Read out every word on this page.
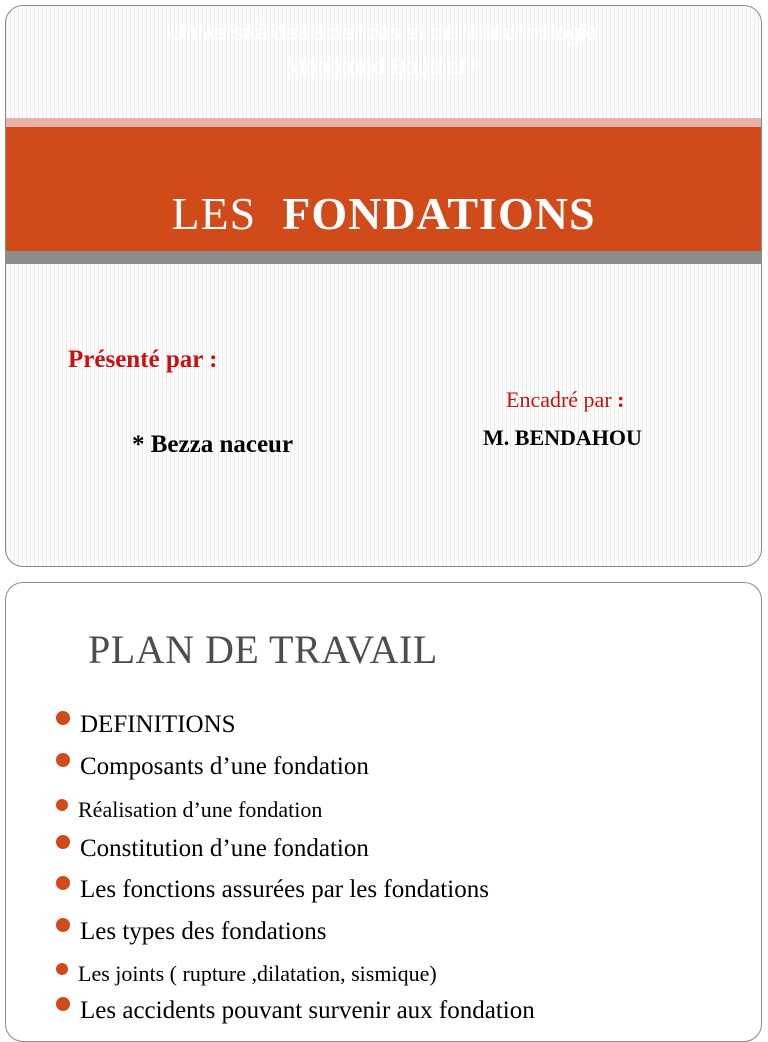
Université des sciences et de la technologie
Mohamed Boudiaf *
LES FONDATIONS
Présenté par :
Encadré par :
* Bezza naceur	M. BENDAHOU
PLAN DE TRAVAIL
DEFINITIONS
Composants d’une fondation
Réalisation d’une fondation
Constitution d’une fondation
Les fonctions assurées par les fondations
Les types des fondations
Les joints ( rupture ,dilatation, sismique)
Les accidents pouvant survenir aux fondation
